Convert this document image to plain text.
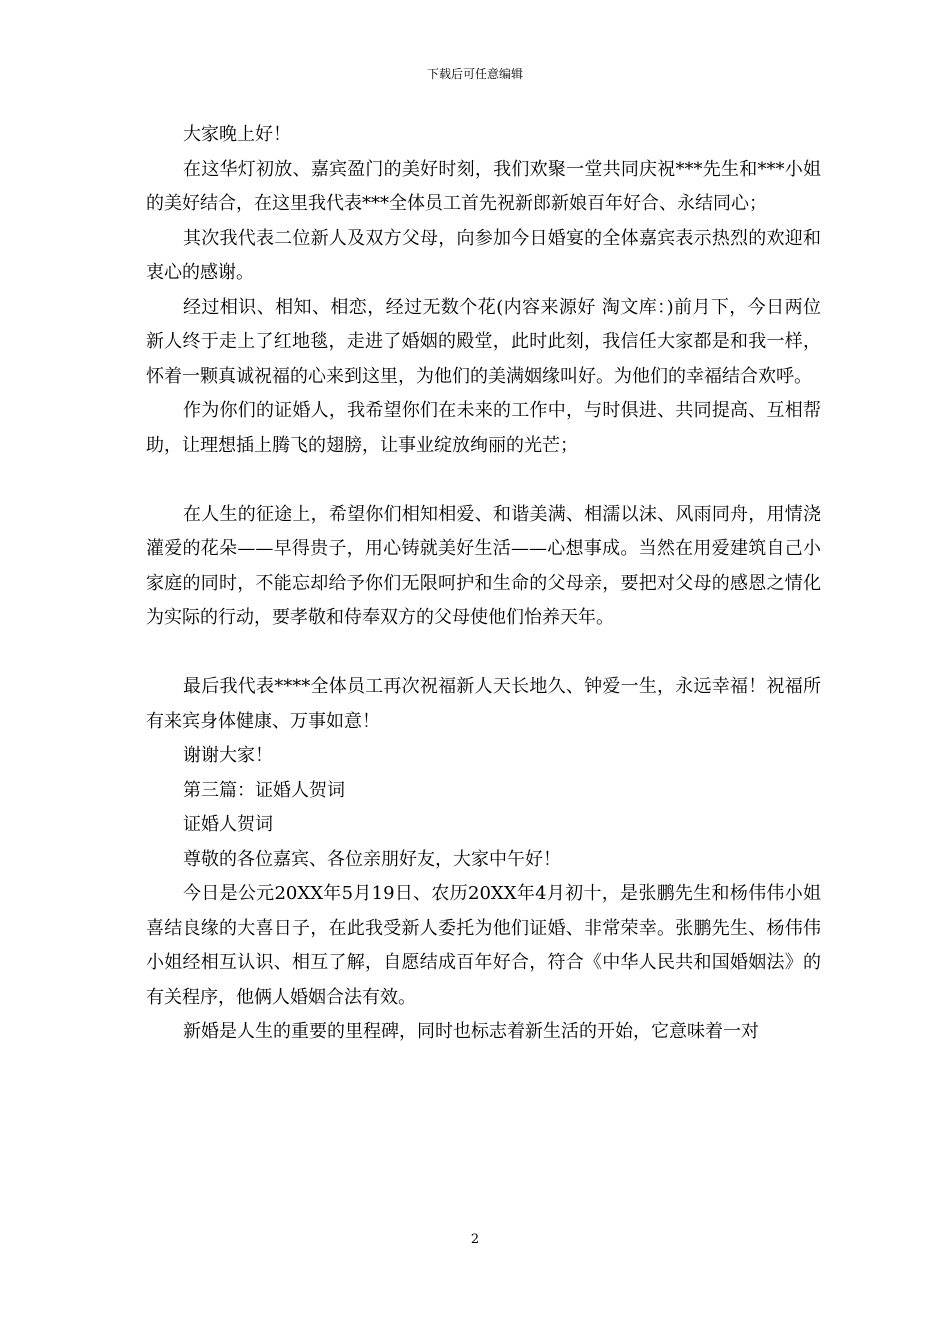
下载后可任意编辑

大家晚上好！

在这华灯初放、嘉宾盈门的美好时刻，我们欢聚一堂共同庆祝***先生和***小姐的美好结合，在这里我代表***全体员工首先祝新郎新娘百年好合、永结同心；

其次我代表二位新人及双方父母，向参加今日婚宴的全体嘉宾表示热烈的欢迎和衷心的感谢。

经过相识、相知、相恋，经过无数个花(内容来源好 淘文库：)前月下，今日两位新人终于走上了红地毯，走进了婚姻的殿堂，此时此刻，我信任大家都是和我一样，怀着一颗真诚祝福的心来到这里，为他们的美满姻缘叫好。为他们的幸福结合欢呼。

作为你们的证婚人，我希望你们在未来的工作中，与时俱进、共同提高、互相帮助，让理想插上腾飞的翅膀，让事业绽放绚丽的光芒；

在人生的征途上，希望你们相知相爱、和谐美满、相濡以沫、风雨同舟，用情浇灌爱的花朵——早得贵子，用心铸就美好生活——心想事成。当然在用爱建筑自己小家庭的同时，不能忘却给予你们无限呵护和生命的父母亲，要把对父母的感恩之情化为实际的行动，要孝敬和侍奉双方的父母使他们怡养天年。

最后我代表****全体员工再次祝福新人天长地久、钟爱一生，永远幸福！祝福所有来宾身体健康、万事如意！

谢谢大家！

第三篇：证婚人贺词

证婚人贺词

尊敬的各位嘉宾、各位亲朋好友，大家中午好！

今日是公元20XX年5月19日、农历20XX年4月初十，是张鹏先生和杨伟伟小姐喜结良缘的大喜日子，在此我受新人委托为他们证婚、非常荣幸。张鹏先生、杨伟伟小姐经相互认识、相互了解，自愿结成百年好合，符合《中华人民共和国婚姻法》的有关程序，他俩人婚姻合法有效。

新婚是人生的重要的里程碑，同时也标志着新生活的开始，它意味着一对

2
